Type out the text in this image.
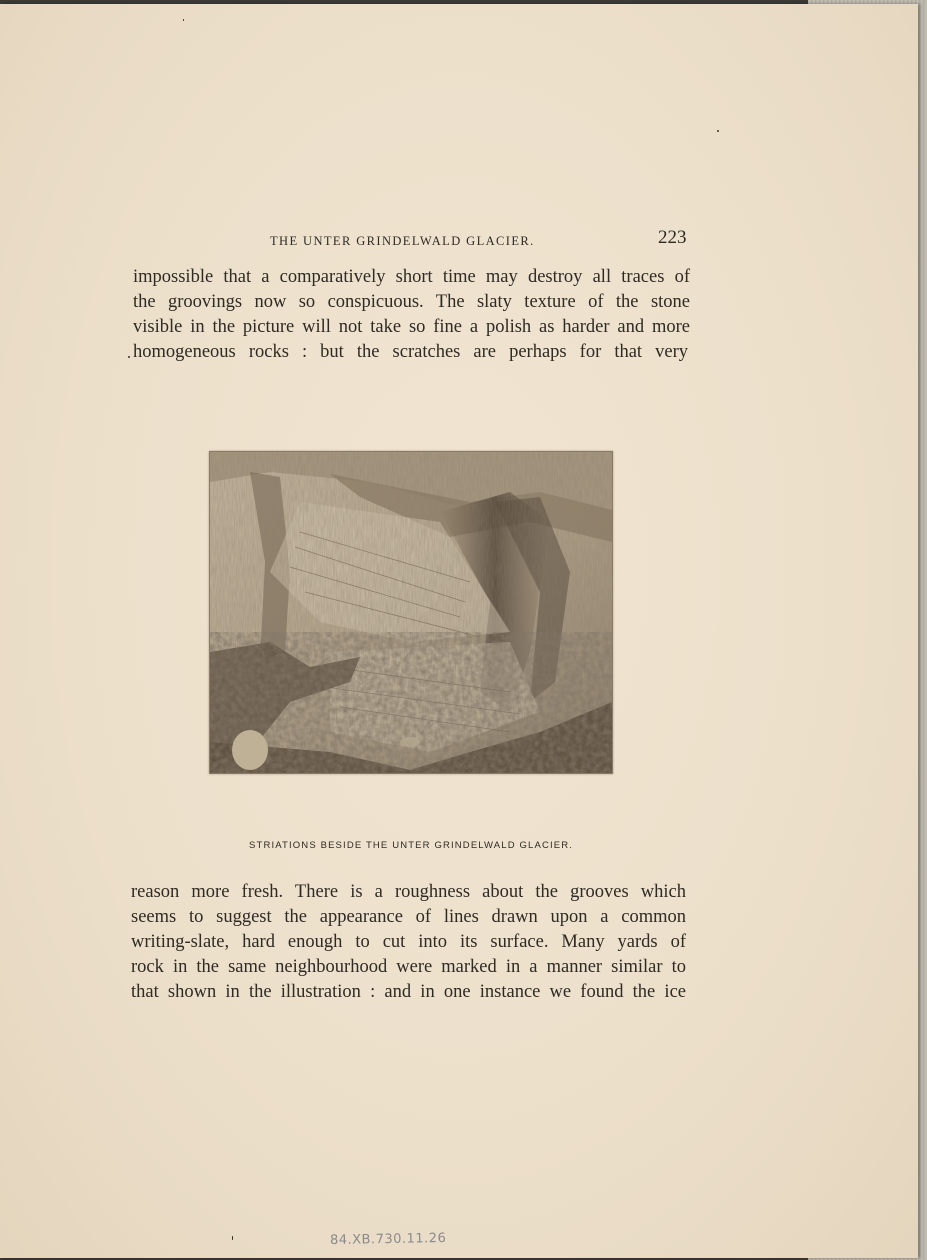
THE UNTER GRINDELWALD GLACIER.	223
impossible that a comparatively short time may destroy all traces of
the groovings now so conspicuous. The slaty texture of the stone
visible in the picture will not take so fine a polish as harder and more
homogeneous rocks : but the scratches are perhaps for that very
STRIATIONS BESIDE THE UNTER GRINDELWALD GLACIER.
reason more fresh. There is a roughness about the grooves which
seems to suggest the appearance of lines drawn upon a common
writing-slate, hard enough to cut into its surface. Many yards of
rock in the same neighbourhood were marked in a manner similar to
that shown in the illustration : and in one instance we found the ice
84.XB.730.11.26
